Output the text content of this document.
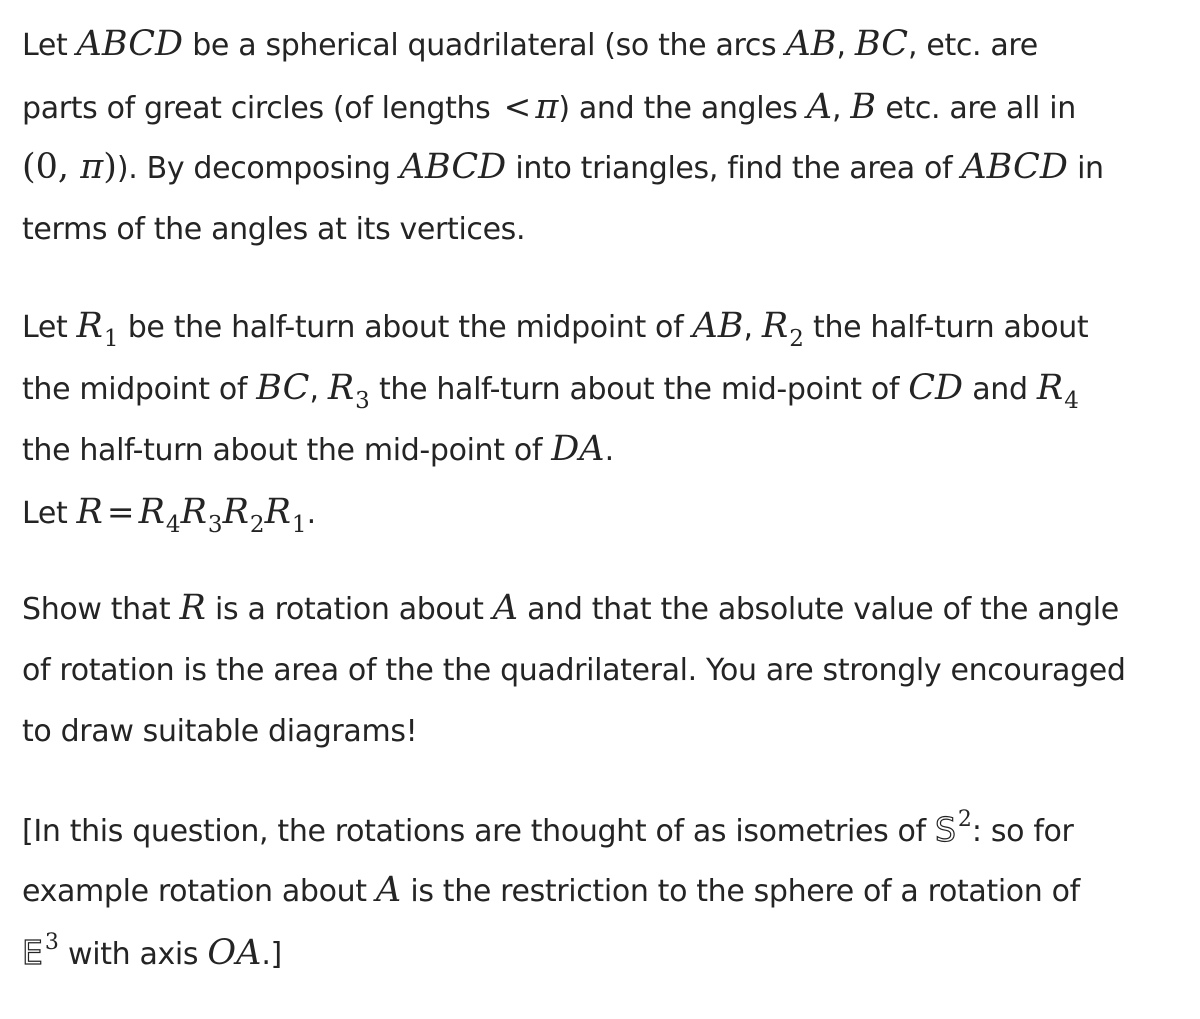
Let ABCD be a spherical quadrilateral (so the arcs AB, BC, etc. are
parts of great circles (of lengths < π) and the angles A, B etc. are all in
(0, π)). By decomposing ABCD into triangles, find the area of ABCD in
terms of the angles at its vertices.
Let $R_1$ be the half-turn about the midpoint of AB, $R_2$ the half-turn about
the midpoint of BC, $R_3$ the half-turn about the mid-point of CD and $R_4$
the half-turn about the mid-point of DA.
Let $R = R_4R_3R_2R_1$.
Show that R is a rotation about A and that the absolute value of the angle
of rotation is the area of the the quadrilateral. You are strongly encouraged
to draw suitable diagrams!
[In this question, the rotations are thought of as isometries of $S^2$: so for
example rotation about A is the restriction to the sphere of a rotation of
$E^3$ with axis OA.]
